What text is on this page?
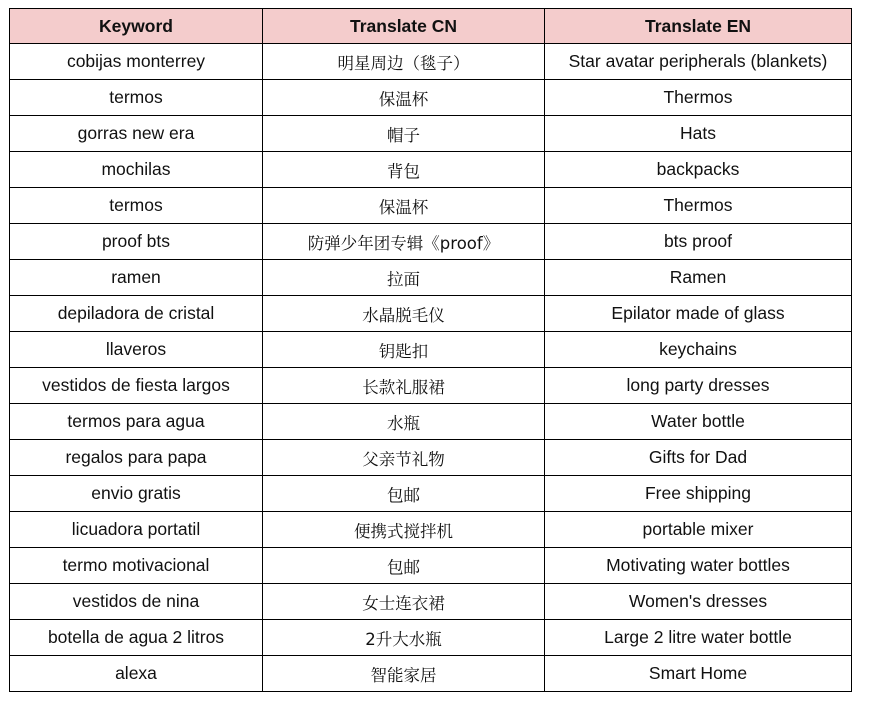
Keyword	Translate CN	Translate EN
cobijas monterrey	明星周边（毯子）	Star avatar peripherals (blankets)
termos	保温杯	Thermos
gorras new era	帽子	Hats
mochilas	背包	backpacks
termos	保温杯	Thermos
proof bts	防弹少年团专辑《proof》	bts proof
ramen	拉面	Ramen
depiladora de cristal	水晶脱毛仪	Epilator made of glass
llaveros	钥匙扣	keychains
vestidos de fiesta largos	长款礼服裙	long party dresses
termos para agua	水瓶	Water bottle
regalos para papa	父亲节礼物	Gifts for Dad
envio gratis	包邮	Free shipping
licuadora portatil	便携式搅拌机	portable mixer
termo motivacional	包邮	Motivating water bottles
vestidos de nina	女士连衣裙	Women's dresses
botella de agua 2 litros	2升大水瓶	Large 2 litre water bottle
alexa	智能家居	Smart Home
